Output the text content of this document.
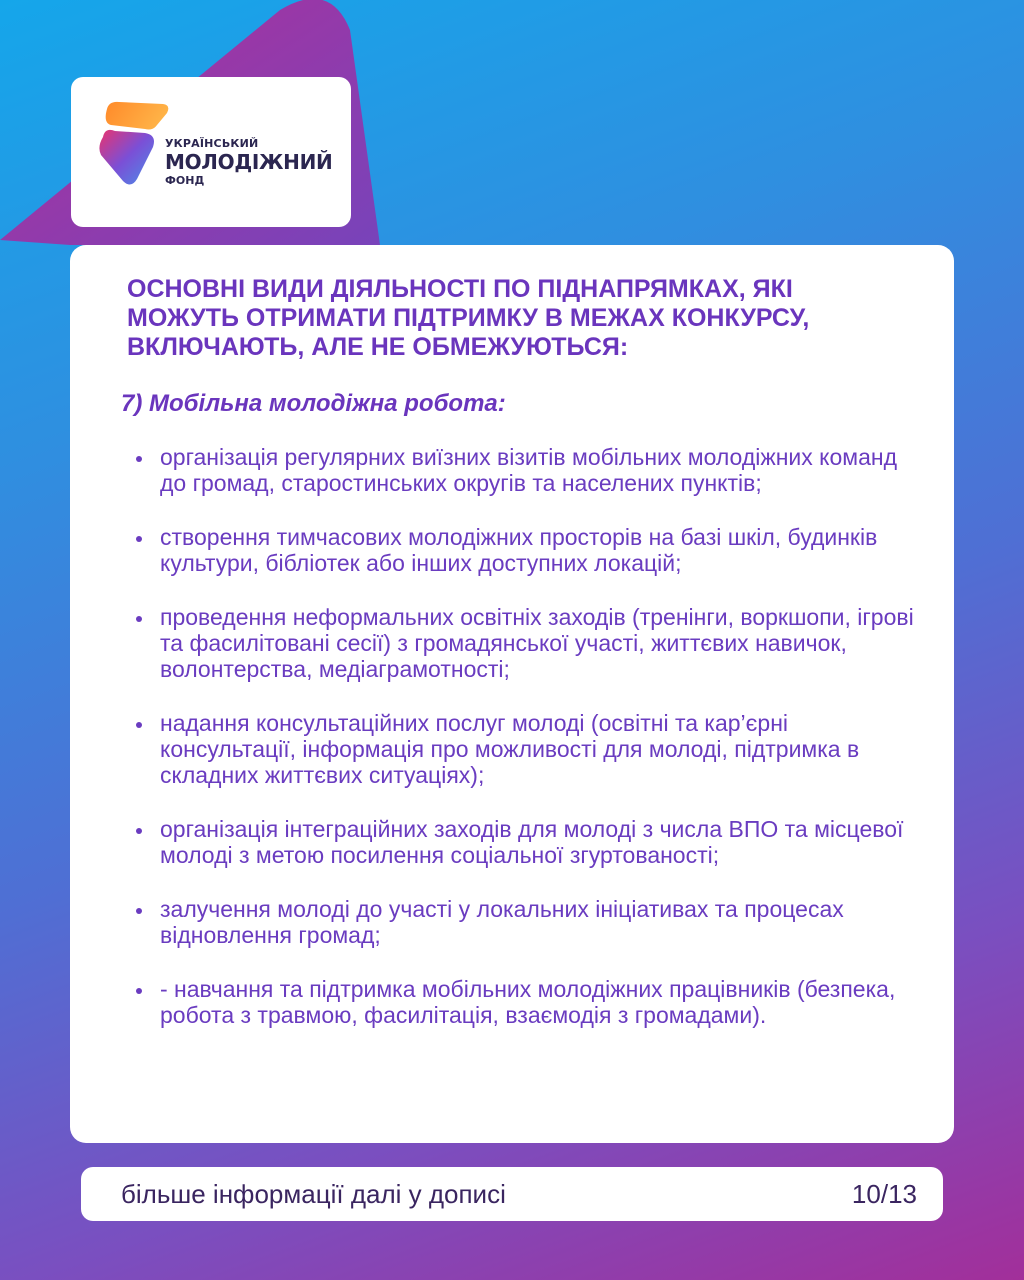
УКРАЇНСЬКИЙ
МОЛОДІЖНИЙ
ФОНД
ОСНОВНІ ВИДИ ДІЯЛЬНОСТІ ПО ПІДНАПРЯМКАХ, ЯКІ МОЖУТЬ ОТРИМАТИ ПІДТРИМКУ В МЕЖАХ КОНКУРСУ, ВКЛЮЧАЮТЬ, АЛЕ НЕ ОБМЕЖУЮТЬСЯ:
7) Мобільна молодіжна робота:
організація регулярних виїзних візитів мобільних молодіжних команд до громад, старостинських округів та населених пунктів;
створення тимчасових молодіжних просторів на базі шкіл, будинків культури, бібліотек або інших доступних локацій;
проведення неформальних освітніх заходів (тренінги, воркшопи, ігрові та фасилітовані сесії) з громадянської участі, життєвих навичок, волонтерства, медіаграмотності;
надання консультаційних послуг молоді (освітні та кар’єрні консультації, інформація про можливості для молоді, підтримка в складних життєвих ситуаціях);
організація інтеграційних заходів для молоді з числа ВПО та місцевої молоді з метою посилення соціальної згуртованості;
залучення молоді до участі у локальних ініціативах та процесах відновлення громад;
- навчання та підтримка мобільних молодіжних працівників (безпека, робота з травмою, фасилітація, взаємодія з громадами).
більше інформації далі у дописі	10/13
